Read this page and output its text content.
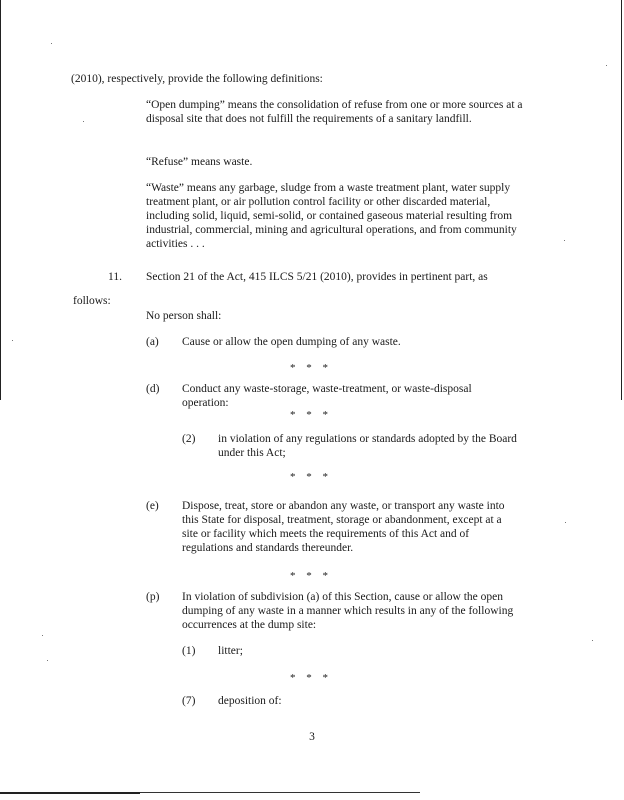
(2010), respectively, provide the following definitions:

“Open dumping” means the consolidation of refuse from one or more sources at a disposal site that does not fulfill the requirements of a sanitary landfill.

“Refuse” means waste.

“Waste” means any garbage, sludge from a waste treatment plant, water supply treatment plant, or air pollution control facility or other discarded material, including solid, liquid, semi-solid, or contained gaseous material resulting from industrial, commercial, mining and agricultural operations, and from community activities . . .

11. Section 21 of the Act, 415 ILCS 5/21 (2010), provides in pertinent part, as
follows:
No person shall:
(a) Cause or allow the open dumping of any waste.
* * *
(d) Conduct any waste-storage, waste-treatment, or waste-disposal operation:

* * *
(2) in violation of any regulations or standards adopted by the Board under this Act;

* * *
(e) Dispose, treat, store or abandon any waste, or transport any waste into this State for disposal, treatment, storage or abandonment, except at a site or facility which meets the requirements of this Act and of regulations and standards thereunder.

* * *
(p) In violation of subdivision (a) of this Section, cause or allow the open dumping of any waste in a manner which results in any of the following occurrences at the dump site:

(1) litter;
* * *
(7) deposition of:
3
